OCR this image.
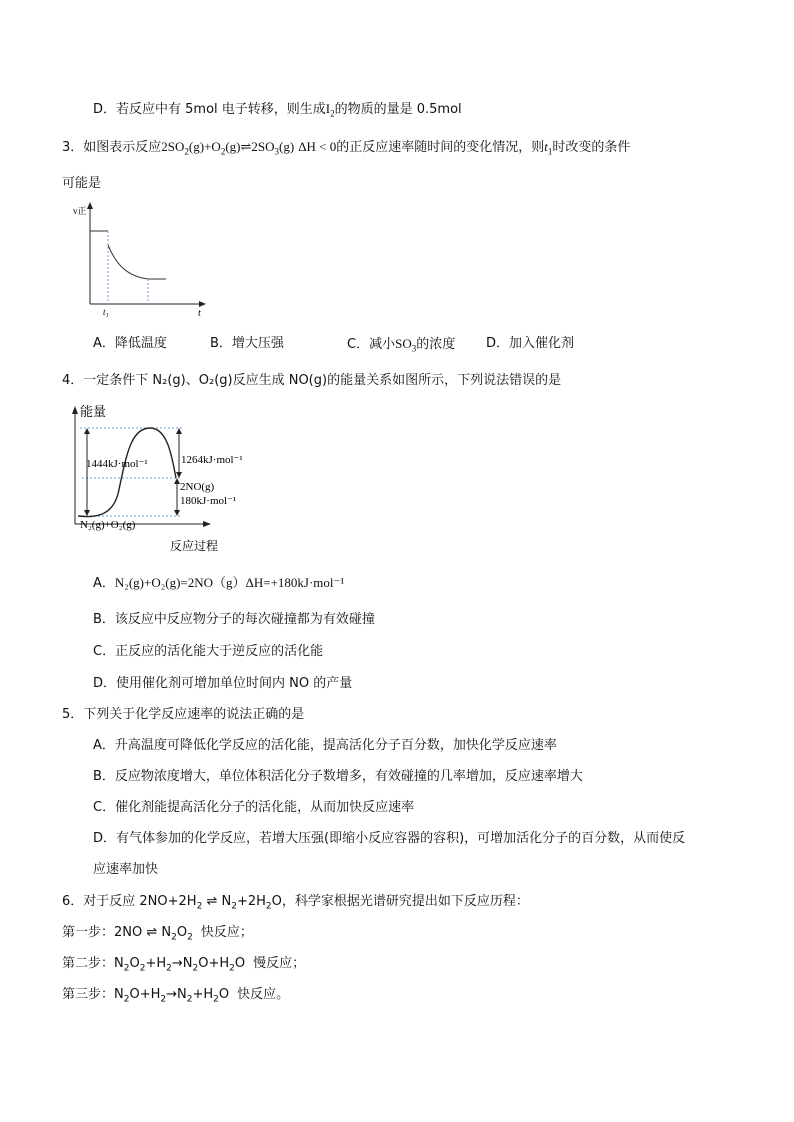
D．若反应中有 5mol 电子转移，则生成$I_2$的物质的量是 0.5mol
3．如图表示反应$2SO_2(g)+O_2(g)\rightleftharpoons 2SO_3(g) \Delta H < 0$的正反应速率随时间的变化情况，则$t_1$时改变的条件
可能是
v正
t
t₁
A．降低温度	B．增大压强	C．减小$SO_3$的浓度 D．加入催化剂
4．一定条件下 N₂(g)、O₂(g)反应生成 NO(g)的能量关系如图所示，下列说法错误的是
能量
反应过程
1444kJ·mol⁻¹	1264kJ·mol⁻¹
2NO(g)
180kJ·mol⁻¹
N₂(g)+O₂(g)
A．N₂(g)+O₂(g)=2NO（g）ΔH=+180kJ·mol⁻¹
B．该反应中反应物分子的每次碰撞都为有效碰撞
C．正反应的活化能大于逆反应的活化能
D．使用催化剂可增加单位时间内 NO 的产量
5．下列关于化学反应速率的说法正确的是
A．升高温度可降低化学反应的活化能，提高活化分子百分数，加快化学反应速率
B．反应物浓度增大，单位体积活化分子数增多，有效碰撞的几率增加，反应速率增大
C．催化剂能提高活化分子的活化能，从而加快反应速率
D．有气体参加的化学反应，若增大压强(即缩小反应容器的容积)，可增加活化分子的百分数，从而使反
应速率加快
6．对于反应 $2NO+2H_2$ ⇌ $N_2+2H_2O$，科学家根据光谱研究提出如下反应历程：
第一步：2NO ⇌ $N_2O_2$ 快反应；
第二步：$N_2O_2+H_2\to N_2O+H_2O$ 慢反应；
第三步：$N_2O+H_2\to N_2+H_2O$ 快反应。
